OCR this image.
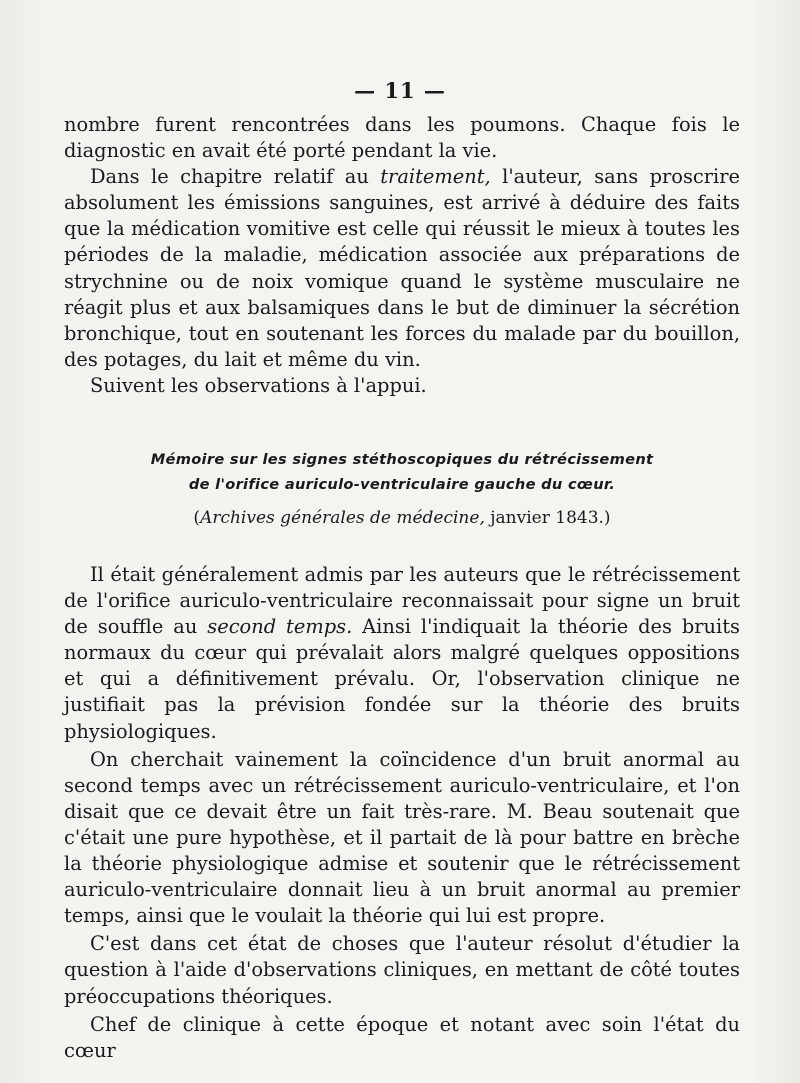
— 11 —

nombre furent rencontrées dans les poumons. Chaque fois le diagnostic en avait été porté pendant la vie.

Dans le chapitre relatif au traitement, l'auteur, sans proscrire absolument les émissions sanguines, est arrivé à déduire des faits que la médication vomitive est celle qui réussit le mieux à toutes les périodes de la maladie, médication associée aux préparations de strychnine ou de noix vomique quand le système musculaire ne réagit plus et aux balsamiques dans le but de diminuer la sécrétion bronchique, tout en soutenant les forces du malade par du bouillon, des potages, du lait et même du vin.

Suivent les observations à l'appui.

Mémoire sur les signes stéthoscopiques du rétrécissement
de l'orifice auriculo-ventriculaire gauche du cœur.
(Archives générales de médecine, janvier 1843.)

Il était généralement admis par les auteurs que le rétrécissement de l'orifice auriculo-ventriculaire reconnaissait pour signe un bruit de souffle au second temps. Ainsi l'indiquait la théorie des bruits normaux du cœur qui prévalait alors malgré quelques oppositions et qui a définitivement prévalu. Or, l'observation clinique ne justifiait pas la prévision fondée sur la théorie des bruits physiologiques.

On cherchait vainement la coïncidence d'un bruit anormal au second temps avec un rétrécissement auriculo-ventriculaire, et l'on disait que ce devait être un fait très-rare. M. Beau soutenait que c'était une pure hypothèse, et il partait de là pour battre en brèche la théorie physiologique admise et soutenir que le rétrécissement auriculo-ventriculaire donnait lieu à un bruit anormal au premier temps, ainsi que le voulait la théorie qui lui est propre.

C'est dans cet état de choses que l'auteur résolut d'étudier la question à l'aide d'observations cliniques, en mettant de côté toutes préoccupations théoriques.

Chef de clinique à cette époque et notant avec soin l'état du cœur
